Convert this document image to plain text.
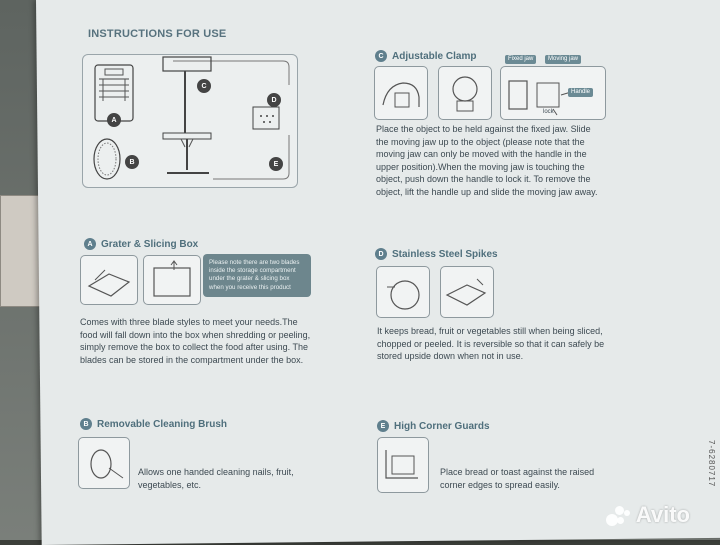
INSTRUCTIONS FOR USE
A
B
C
D
E
C Adjustable Clamp	Fixed jaw	Moving jaw
Handle
lock
Place the object to be held against the fixed jaw. Slide
the moving jaw up to the object (please note that the
moving jaw can only be moved with the handle in the
upper position).When the moving jaw is touching the
object, push down the handle to lock it. To remove the
object, lift the handle up and slide the moving jaw away.
A Grater & Slicing Box
Please note there are two blades inside the storage compartment under the grater & slicing box when you receive this product
Comes with three blade styles to meet your needs.The
food will fall down into the box when shredding or peeling,
simply remove the box to collect the food after using. The
blades can be stored in the compartment under the box.
D Stainless Steel Spikes
It keeps bread, fruit or vegetables still when being sliced,
chopped or peeled. It is reversible so that it can safely be
stored upside down when not in use.
B Removable Cleaning Brush
Allows one handed cleaning nails, fruit,
vegetables, etc.
E High Corner Guards
Place bread or toast against the raised
corner edges to spread easily.	7-6280717
Avito
